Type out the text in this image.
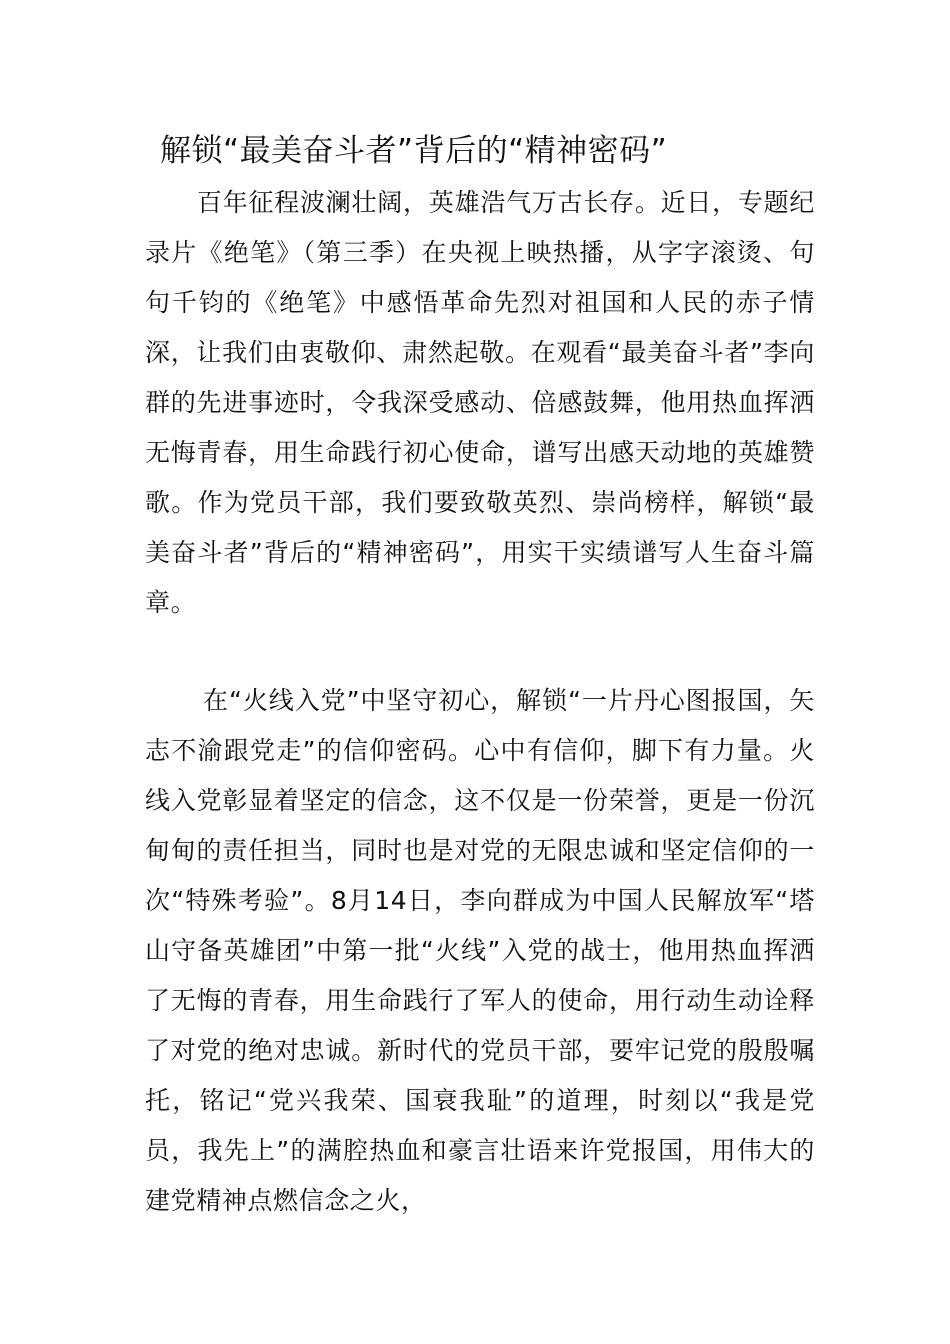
解锁“最美奋斗者”背后的“精神密码”

百年征程波澜壮阔，英雄浩气万古长存。近日，专题纪录片《绝笔》（第三季）在央视上映热播，从字字滚烫、句句千钧的《绝笔》中感悟革命先烈对祖国和人民的赤子情深，让我们由衷敬仰、肃然起敬。在观看“最美奋斗者”李向群的先进事迹时，令我深受感动、倍感鼓舞，他用热血挥洒无悔青春，用生命践行初心使命，谱写出感天动地的英雄赞歌。作为党员干部，我们要致敬英烈、崇尚榜样，解锁“最美奋斗者”背后的“精神密码”，用实干实绩谱写人生奋斗篇章。

在“火线入党”中坚守初心，解锁“一片丹心图报国，矢志不渝跟党走”的信仰密码。心中有信仰，脚下有力量。火线入党彰显着坚定的信念，这不仅是一份荣誉，更是一份沉甸甸的责任担当，同时也是对党的无限忠诚和坚定信仰的一次“特殊考验”。8月14日，李向群成为中国人民解放军“塔山守备英雄团”中第一批“火线”入党的战士，他用热血挥洒了无悔的青春，用生命践行了军人的使命，用行动生动诠释了对党的绝对忠诚。新时代的党员干部，要牢记党的殷殷嘱托，铭记“党兴我荣、国衰我耻”的道理，时刻以“我是党员，我先上”的满腔热血和豪言壮语来许党报国，用伟大的建党精神点燃信念之火，
